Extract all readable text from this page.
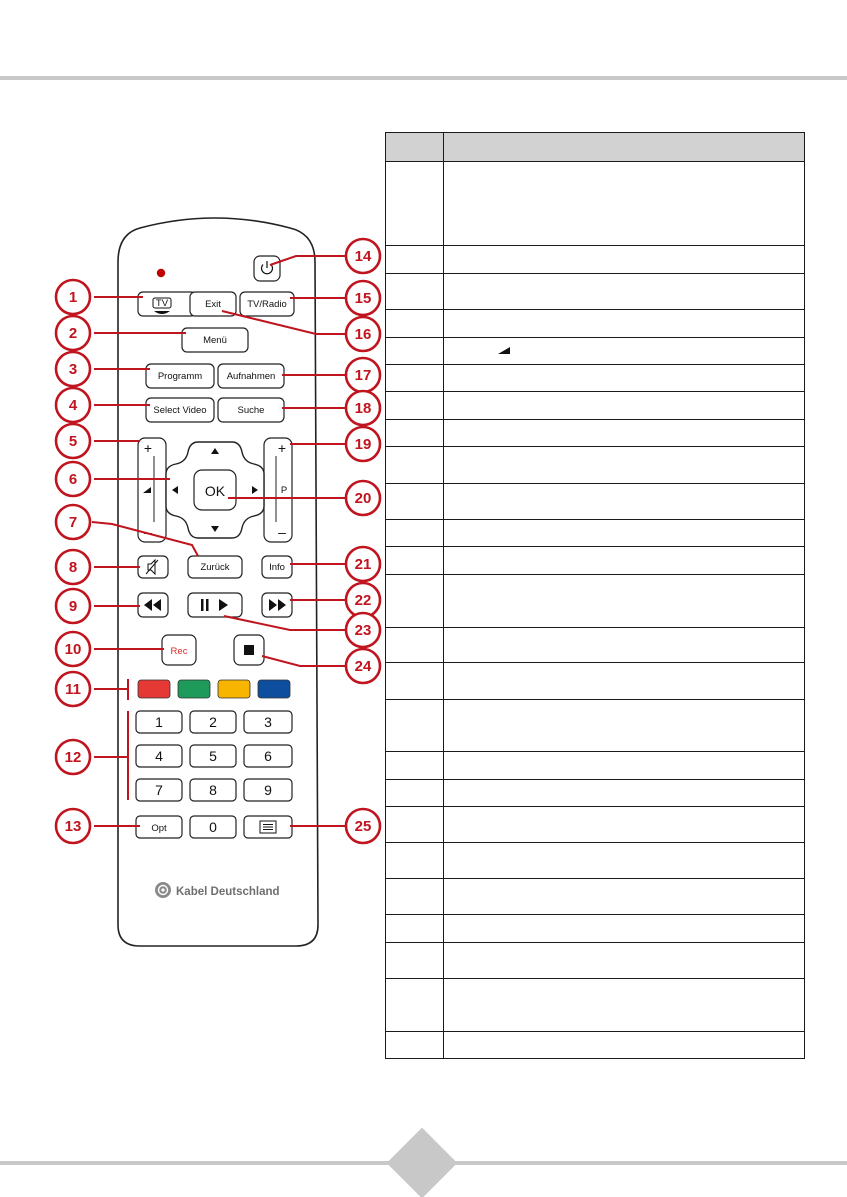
TV	Exit	TV/Radio
Menü
Programm	Aufnahmen
Select Video	Suche
+
–
+
P
–
OK
Zurück	Info
Rec
1	2	3
4	5	6
7	8	9
Opt	0
Kabel Deutschland
1
2
3
4
5
6
7
8
9
10
11
12
13
14
15
16
17
18
19
20
21
22
23
24
25
